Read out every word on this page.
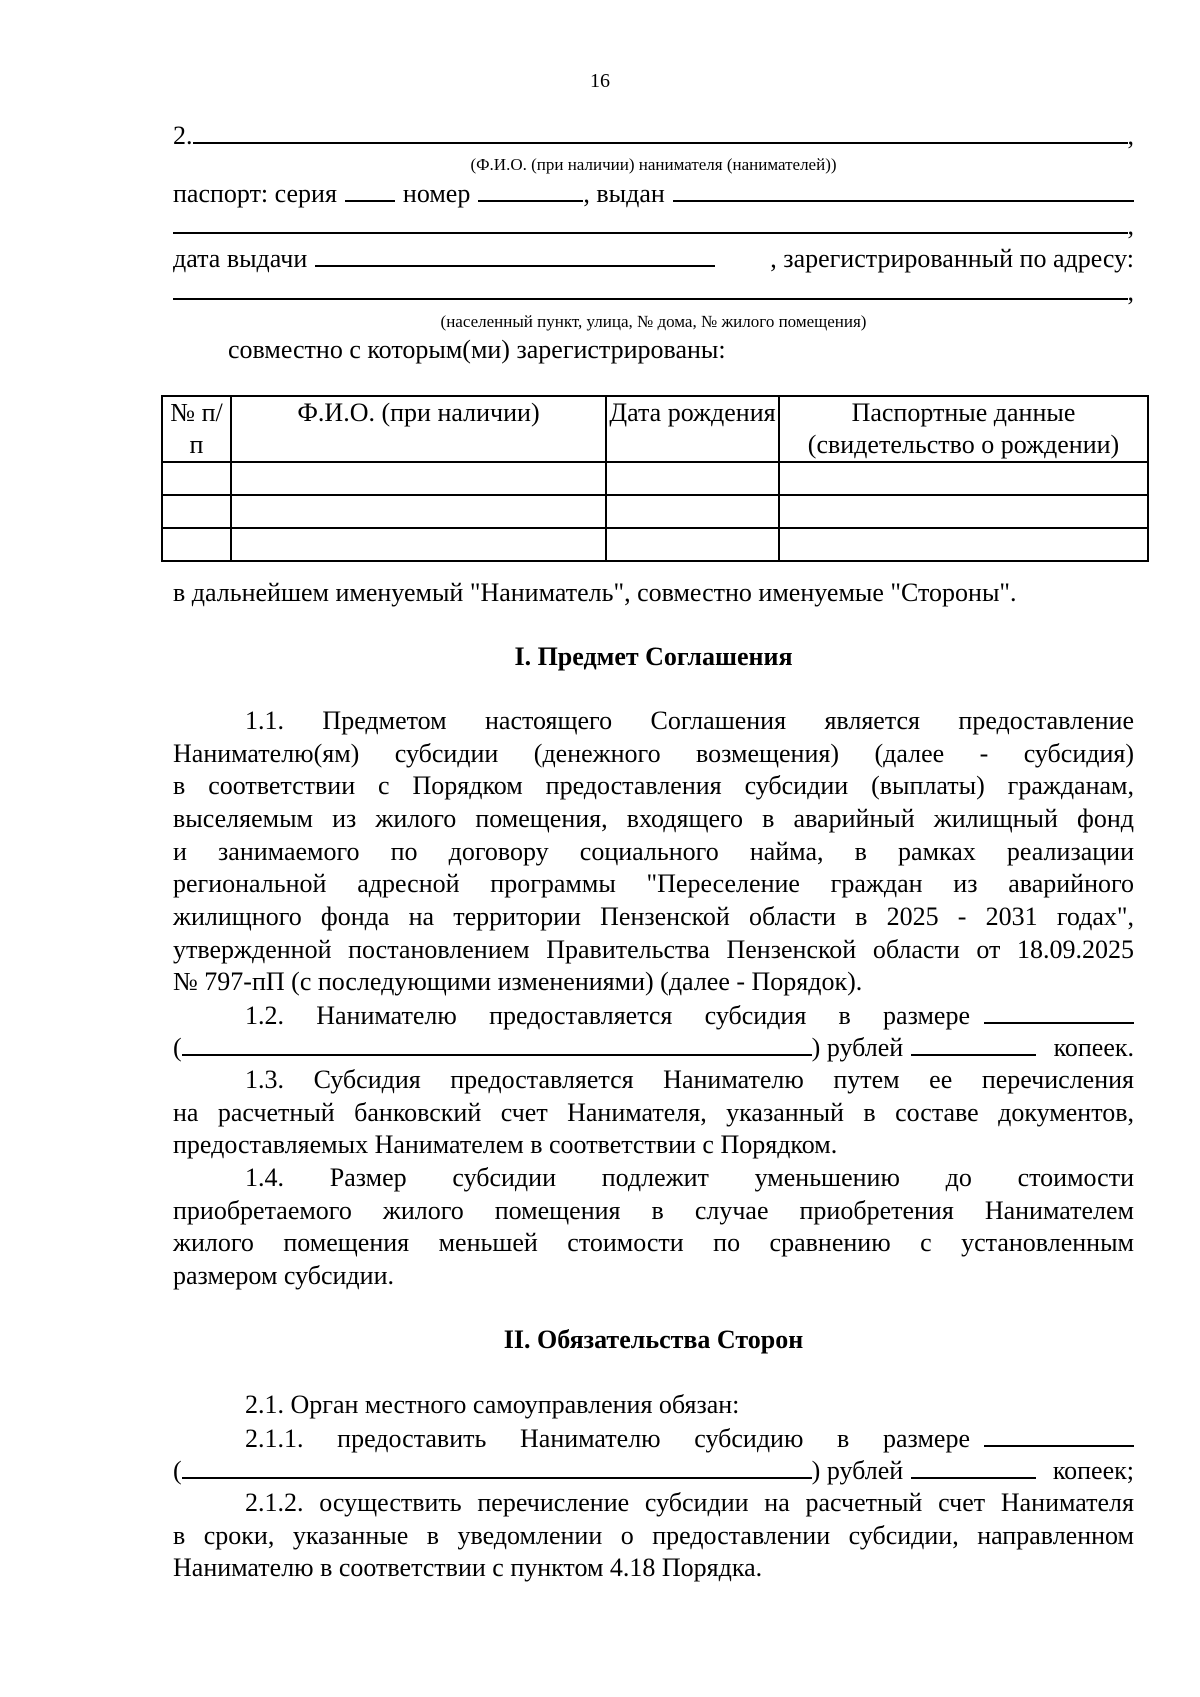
16
2.	,
(Ф.И.О. (при наличии) нанимателя (нанимателей))
паспорт: серия	номер	, выдан
,
дата выдачи	, зарегистрированный по адресу:
,
(населенный пункт, улица, № дома, № жилого помещения)
совместно с которым(ми) зарегистрированы:
№ п/п	Ф.И.О. (при наличии)	Дата рождения	Паспортные данные (свидетельство о рождении)

в дальнейшем именуемый "Наниматель", совместно именуемые "Стороны".
I. Предмет Соглашения
1.1. Предметом настоящего Соглашения является предоставление
Нанимателю(ям) субсидии (денежного возмещения) (далее - субсидия)
в соответствии с Порядком предоставления субсидии (выплаты) гражданам,
выселяемым из жилого помещения, входящего в аварийный жилищный фонд
и занимаемого по договору социального найма, в рамках реализации
региональной адресной программы "Переселение граждан из аварийного
жилищного фонда на территории Пензенской области в 2025 - 2031 годах",
утвержденной постановлением Правительства Пензенской области от 18.09.2025
№ 797-пП (с последующими изменениями) (далее - Порядок).
1.2. Нанимателю предоставляется субсидия в размере
(	) рублей	копеек.
1.3. Субсидия предоставляется Нанимателю путем ее перечисления
на расчетный банковский счет Нанимателя, указанный в составе документов,
предоставляемых Нанимателем в соответствии с Порядком.
1.4. Размер субсидии подлежит уменьшению до стоимости
приобретаемого жилого помещения в случае приобретения Нанимателем
жилого помещения меньшей стоимости по сравнению с установленным
размером субсидии.
II. Обязательства Сторон
2.1. Орган местного самоуправления обязан:
2.1.1. предоставить Нанимателю субсидию в размере
(	) рублей	копеек;
2.1.2. осуществить перечисление субсидии на расчетный счет Нанимателя
в сроки, указанные в уведомлении о предоставлении субсидии, направленном
Нанимателю в соответствии с пунктом 4.18 Порядка.
